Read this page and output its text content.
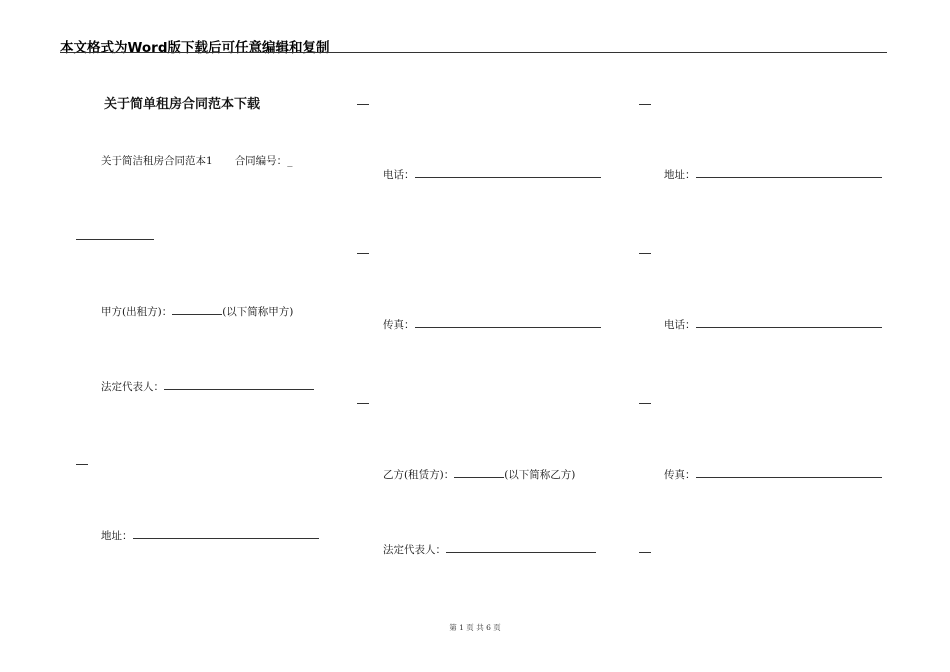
本文格式为Word版下载后可任意编辑和复制
关于简单租房合同范本下载
关于简洁租房合同范本1 合同编号：_
甲方(出租方)：	(以下简称甲方)
法定代表人：
地址：
电话：
传真：
乙方(租赁方)：	(以下简称乙方)
法定代表人：
地址：
电话：
传真：
第 1 页 共 6 页
